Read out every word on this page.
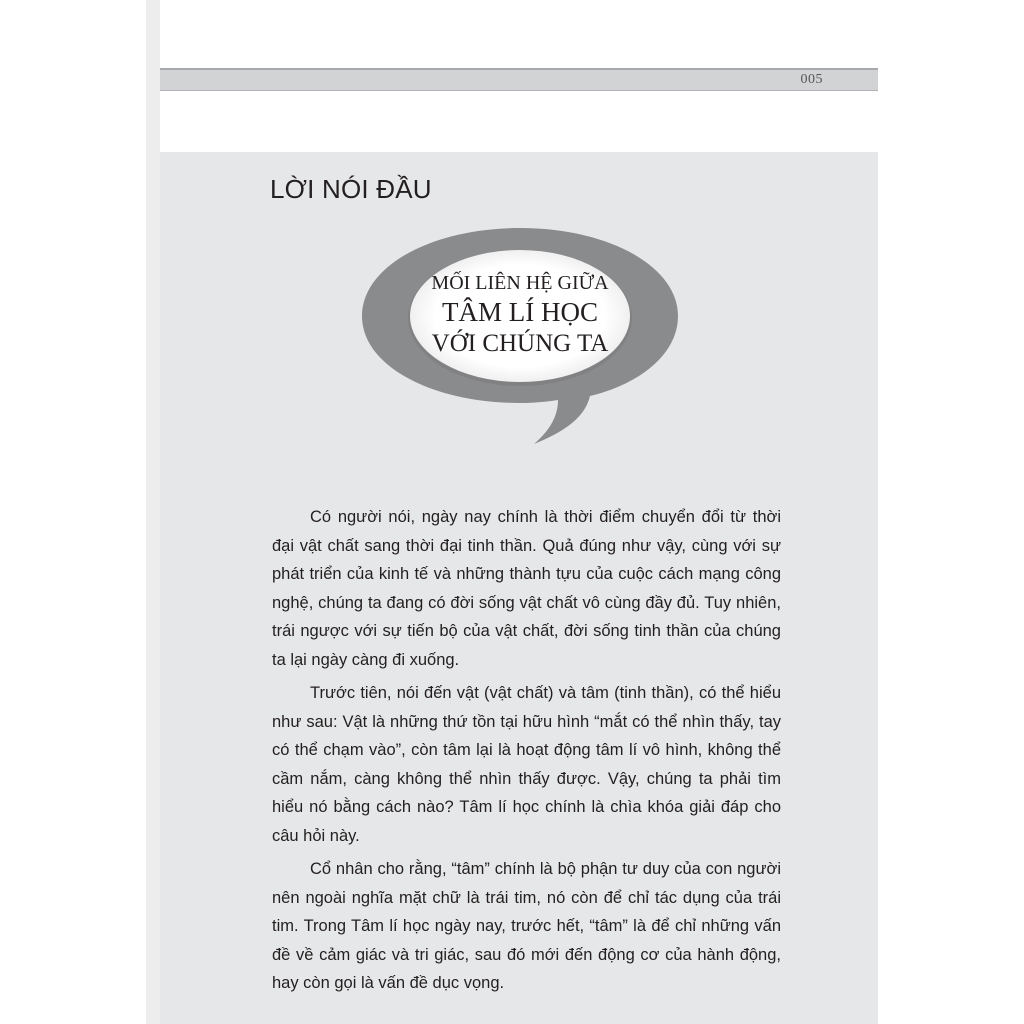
005
LỜI NÓI ĐẦU
MỐI LIÊN HỆ GIỮA
TÂM LÍ HỌC
VỚI CHÚNG TA

Có người nói, ngày nay chính là thời điểm chuyển đổi từ thời đại vật chất sang thời đại tinh thần. Quả đúng như vậy, cùng với sự phát triển của kinh tế và những thành tựu của cuộc cách mạng công nghệ, chúng ta đang có đời sống vật chất vô cùng đầy đủ. Tuy nhiên, trái ngược với sự tiến bộ của vật chất, đời sống tinh thần của chúng ta lại ngày càng đi xuống.

Trước tiên, nói đến vật (vật chất) và tâm (tinh thần), có thể hiểu như sau: Vật là những thứ tồn tại hữu hình “mắt có thể nhìn thấy, tay có thể chạm vào”, còn tâm lại là hoạt động tâm lí vô hình, không thể cầm nắm, càng không thể nhìn thấy được. Vậy, chúng ta phải tìm hiểu nó bằng cách nào? Tâm lí học chính là chìa khóa giải đáp cho câu hỏi này.

Cổ nhân cho rằng, “tâm” chính là bộ phận tư duy của con người nên ngoài nghĩa mặt chữ là trái tim, nó còn để chỉ tác dụng của trái tim. Trong Tâm lí học ngày nay, trước hết, “tâm” là để chỉ những vấn đề về cảm giác và tri giác, sau đó mới đến động cơ của hành động, hay còn gọi là vấn đề dục vọng.
